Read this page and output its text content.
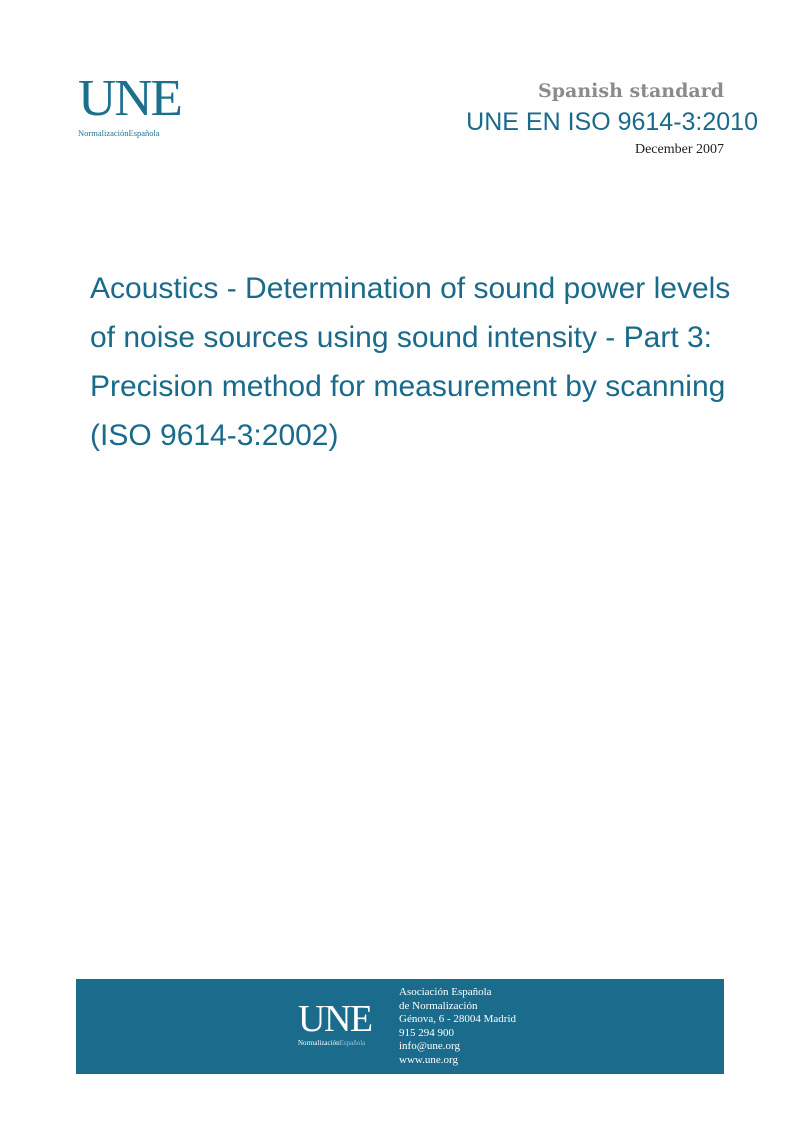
UNE
NormalizaciónEspañola
Spanish standard
UNE EN ISO 9614-3:2010
December 2007
Acoustics - Determination of sound power levels of noise sources using sound intensity - Part 3: Precision method for measurement by scanning (ISO 9614-3:2002)
UNE
NormalizaciónEspañola
Asociación Española
de Normalización
Génova, 6 - 28004 Madrid
915 294 900
info@une.org
www.une.org
